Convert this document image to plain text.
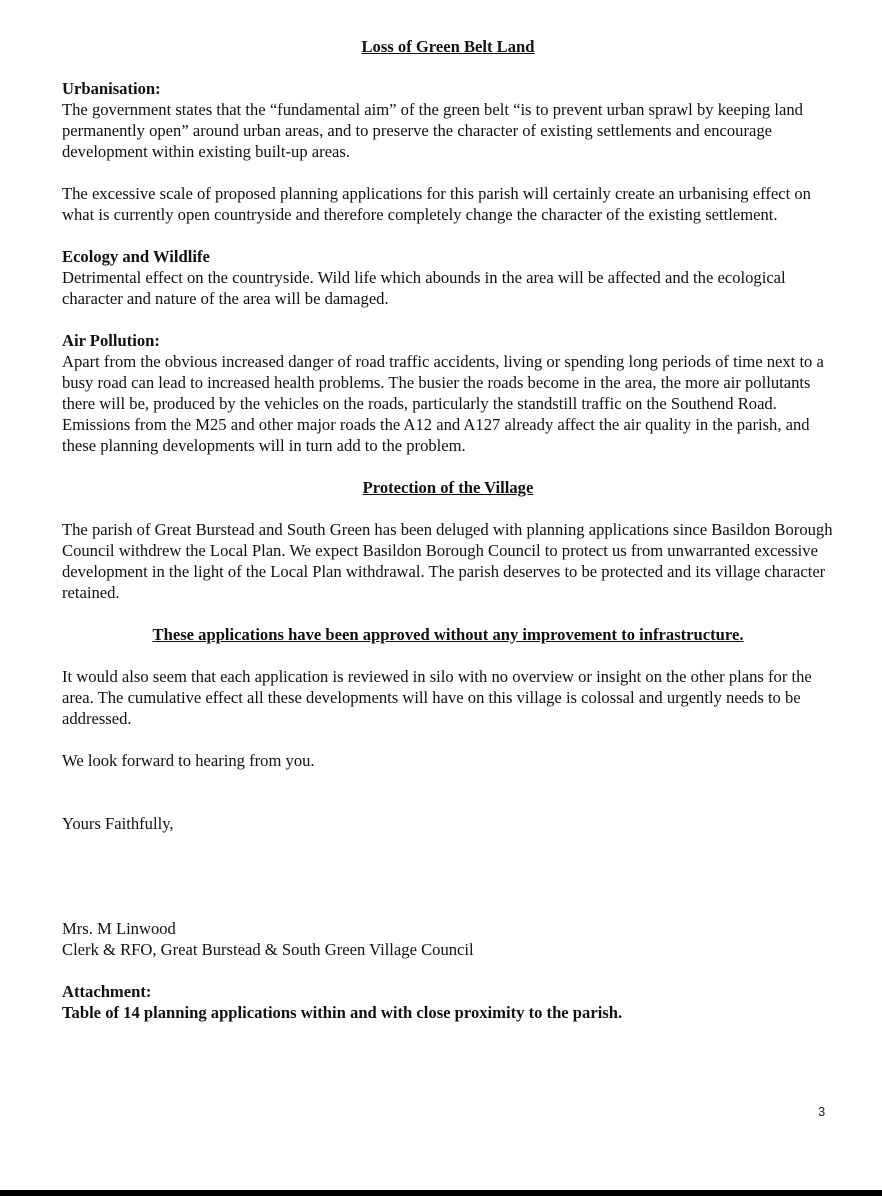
Loss of Green Belt Land

Urbanisation:

The government states that the “fundamental aim” of the green belt “is to prevent urban sprawl by keeping land permanently open” around urban areas, and to preserve the character of existing settlements and encourage development within existing built-up areas.

The excessive scale of proposed planning applications for this parish will certainly create an urbanising effect on what is currently open countryside and therefore completely change the character of the existing settlement.

Ecology and Wildlife

Detrimental effect on the countryside. Wild life which abounds in the area will be affected and the ecological character and nature of the area will be damaged.

Air Pollution:

Apart from the obvious increased danger of road traffic accidents, living or spending long periods of time next to a busy road can lead to increased health problems. The busier the roads become in the area, the more air pollutants there will be, produced by the vehicles on the roads, particularly the standstill traffic on the Southend Road. Emissions from the M25 and other major roads the A12 and A127 already affect the air quality in the parish, and these planning developments will in turn add to the problem.

Protection of the Village

The parish of Great Burstead and South Green has been deluged with planning applications since Basildon Borough Council withdrew the Local Plan. We expect Basildon Borough Council to protect us from unwarranted excessive development in the light of the Local Plan withdrawal. The parish deserves to be protected and its village character retained.

These applications have been approved without any improvement to infrastructure.

It would also seem that each application is reviewed in silo with no overview or insight on the other plans for the area. The cumulative effect all these developments will have on this village is colossal and urgently needs to be addressed.

We look forward to hearing from you.

Yours Faithfully,

Mrs. M Linwood

Clerk & RFO, Great Burstead & South Green Village Council

Attachment:

Table of 14 planning applications within and with close proximity to the parish.

3
